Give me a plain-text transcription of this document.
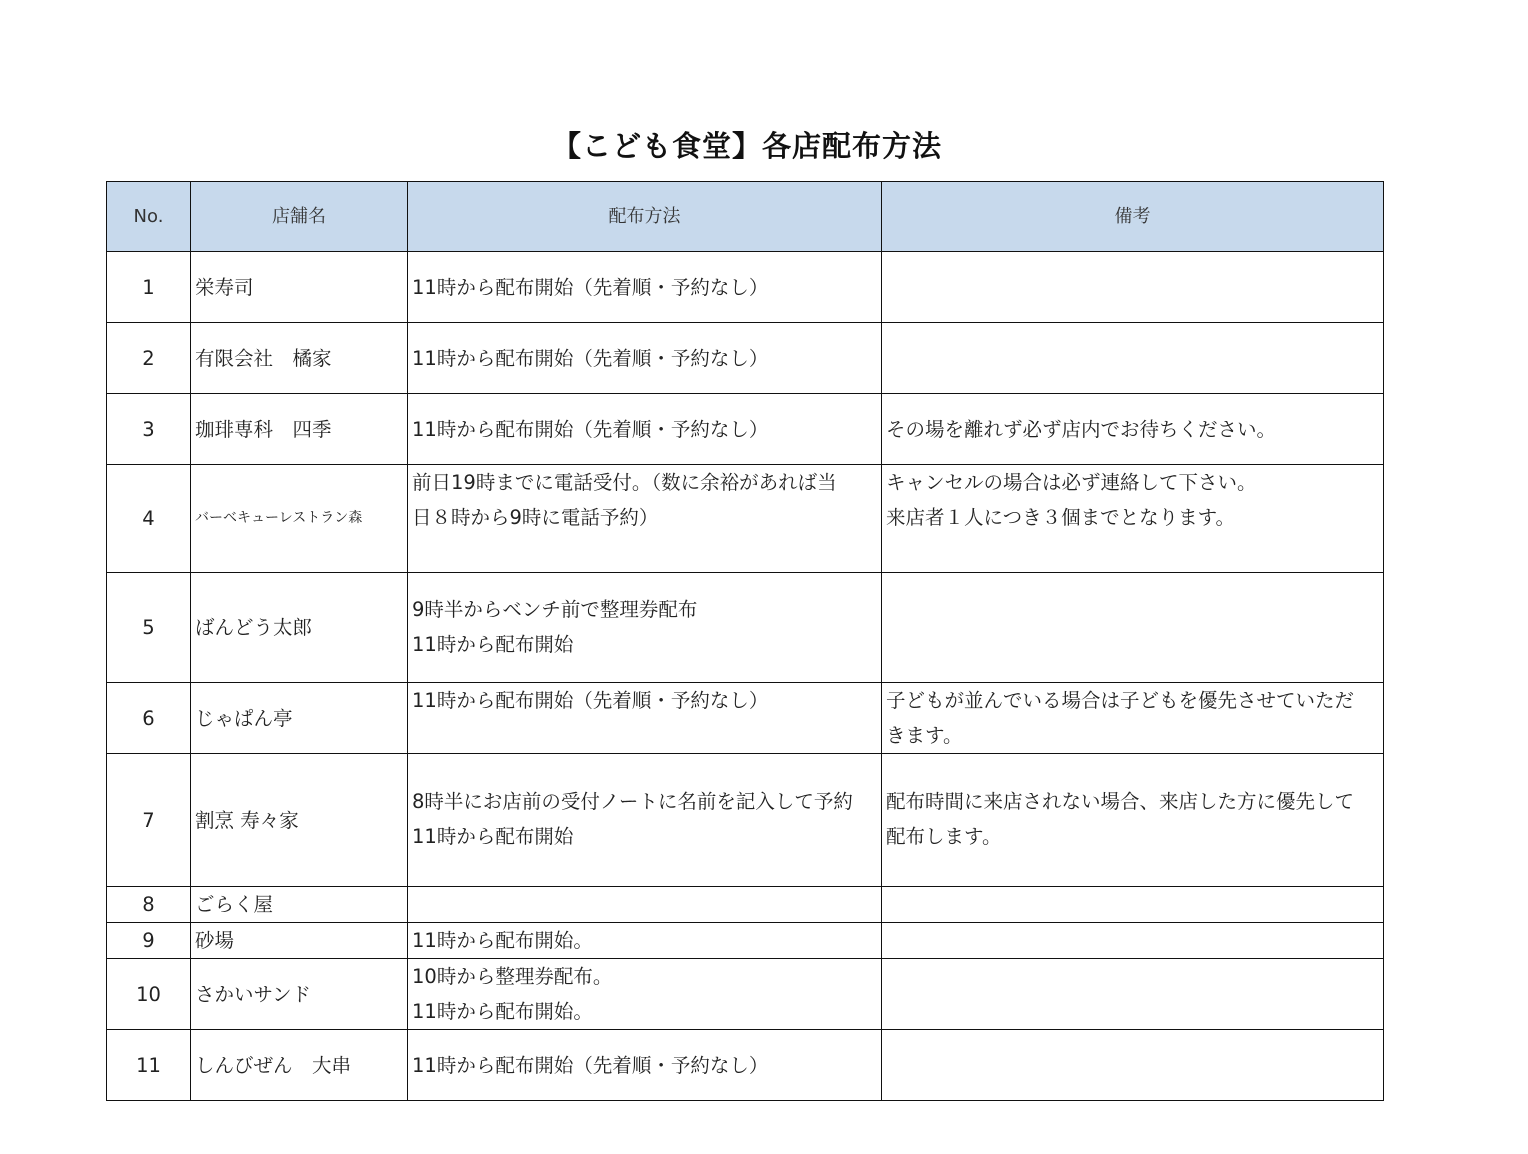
【こども食堂】各店配布方法
No.	店舗名	配布方法	備考
1	栄寿司	11時から配布開始（先着順・予約なし）	

2	有限会社　橘家	11時から配布開始（先着順・予約なし）	

3	珈琲専科　四季	11時から配布開始（先着順・予約なし）	その場を離れず必ず店内でお待ちください。

4	バーベキューレストラン森	前日19時までに電話受付。（数に余裕があれば当
日８時から9時に電話予約）	キャンセルの場合は必ず連絡して下さい。
来店者１人につき３個までとなります。

5	ばんどう太郎	9時半からベンチ前で整理券配布
11時から配布開始	

6	じゃぱん亭	11時から配布開始（先着順・予約なし）	子どもが並んでいる場合は子どもを優先させていただ
きます。

7	割烹 寿々家	8時半にお店前の受付ノートに名前を記入して予約
11時から配布開始	配布時間に来店されない場合、来店した方に優先して
配布します。

8	ごらく屋		
9	砂場	11時から配布開始。	

10	さかいサンド	10時から整理券配布。
11時から配布開始。	

11	しんびぜん　大串	11時から配布開始（先着順・予約なし）	
